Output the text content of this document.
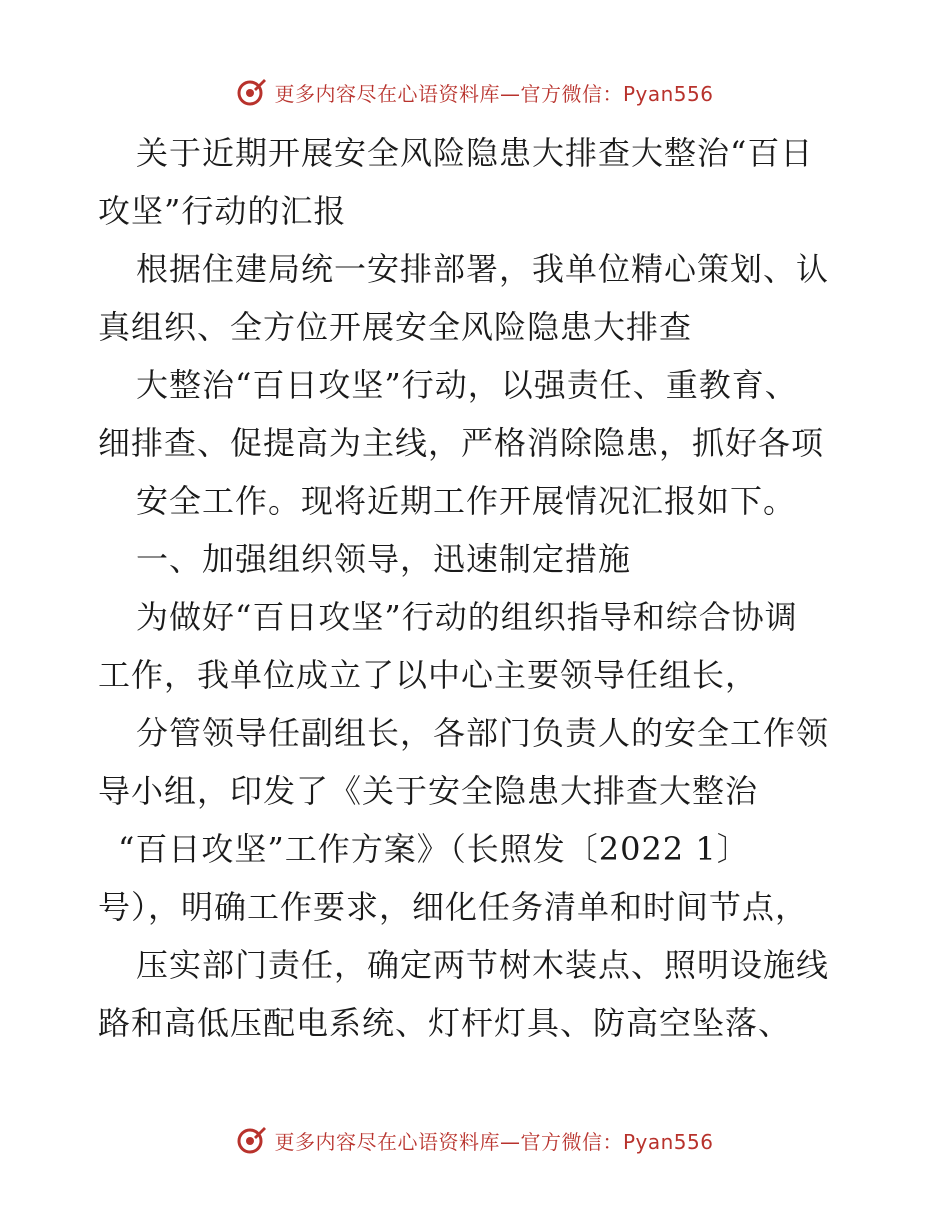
更多内容尽在心语资料库—官方微信：Pyan556
关于近期开展安全风险隐患大排查大整治“百日
攻坚”行动的汇报
根据住建局统一安排部署，我单位精心策划、认
真组织、全方位开展安全风险隐患大排查
大整治“百日攻坚”行动，以强责任、重教育、
细排查、促提高为主线，严格消除隐患，抓好各项
安全工作。现将近期工作开展情况汇报如下。
一、加强组织领导，迅速制定措施
为做好“百日攻坚”行动的组织指导和综合协调
工作，我单位成立了以中心主要领导任组长，
分管领导任副组长，各部门负责人的安全工作领
导小组，印发了《关于安全隐患大排查大整治
“百日攻坚”工作方案》（长照发〔2022 1〕
号），明确工作要求，细化任务清单和时间节点，
压实部门责任，确定两节树木装点、照明设施线
路和高低压配电系统、灯杆灯具、防高空坠落、
更多内容尽在心语资料库—官方微信：Pyan556
